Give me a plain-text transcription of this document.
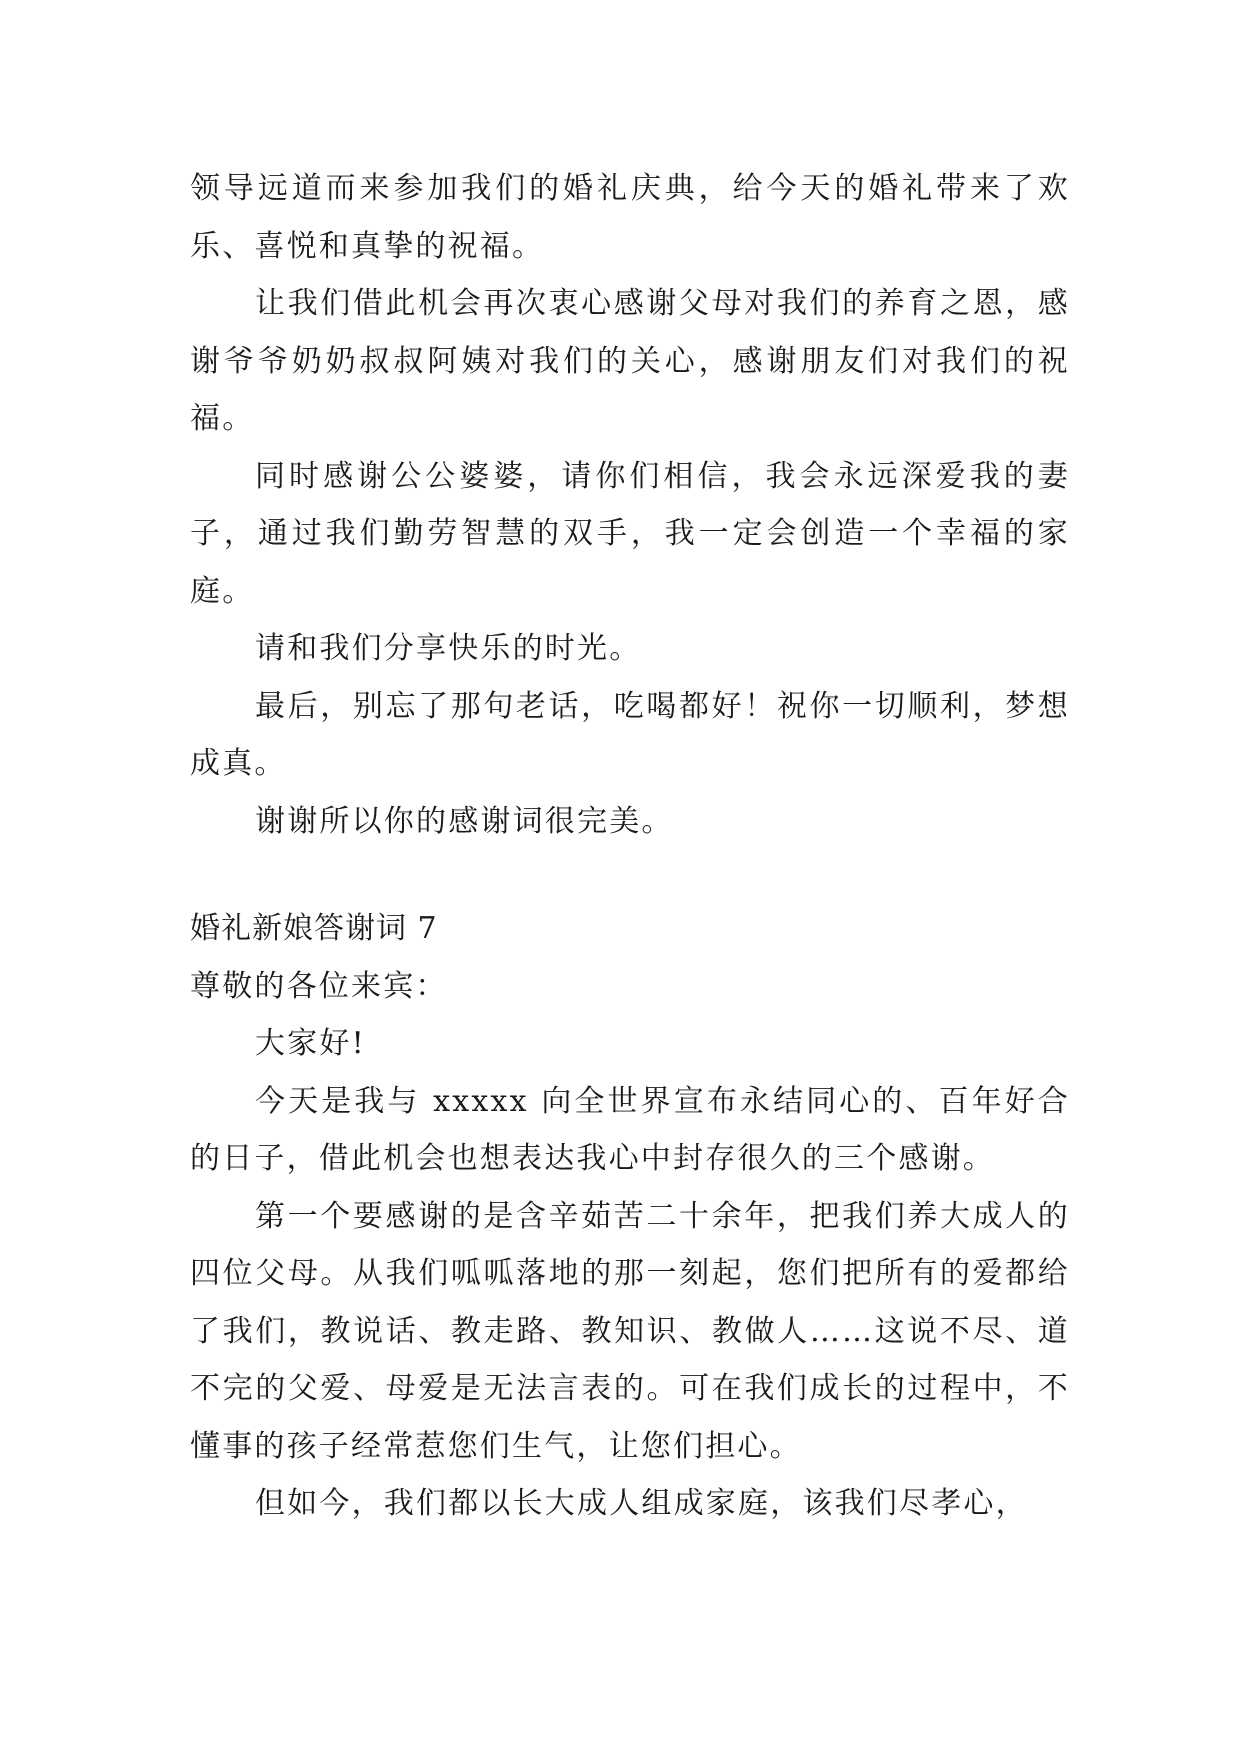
领导远道而来参加我们的婚礼庆典，给今天的婚礼带来了欢乐、喜悦和真挚的祝福。

让我们借此机会再次衷心感谢父母对我们的养育之恩，感谢爷爷奶奶叔叔阿姨对我们的关心，感谢朋友们对我们的祝福。

同时感谢公公婆婆，请你们相信，我会永远深爱我的妻子，通过我们勤劳智慧的双手，我一定会创造一个幸福的家庭。

请和我们分享快乐的时光。

最后，别忘了那句老话，吃喝都好！祝你一切顺利，梦想成真。

谢谢所以你的感谢词很完美。

婚礼新娘答谢词 7

尊敬的各位来宾：

大家好!

今天是我与 xxxxx 向全世界宣布永结同心的、百年好合的日子，借此机会也想表达我心中封存很久的三个感谢。

第一个要感谢的是含辛茹苦二十余年，把我们养大成人的四位父母。从我们呱呱落地的那一刻起，您们把所有的爱都给了我们，教说话、教走路、教知识、教做人……这说不尽、道不完的父爱、母爱是无法言表的。可在我们成长的过程中，不懂事的孩子经常惹您们生气，让您们担心。

但如今，我们都以长大成人组成家庭，该我们尽孝心，
